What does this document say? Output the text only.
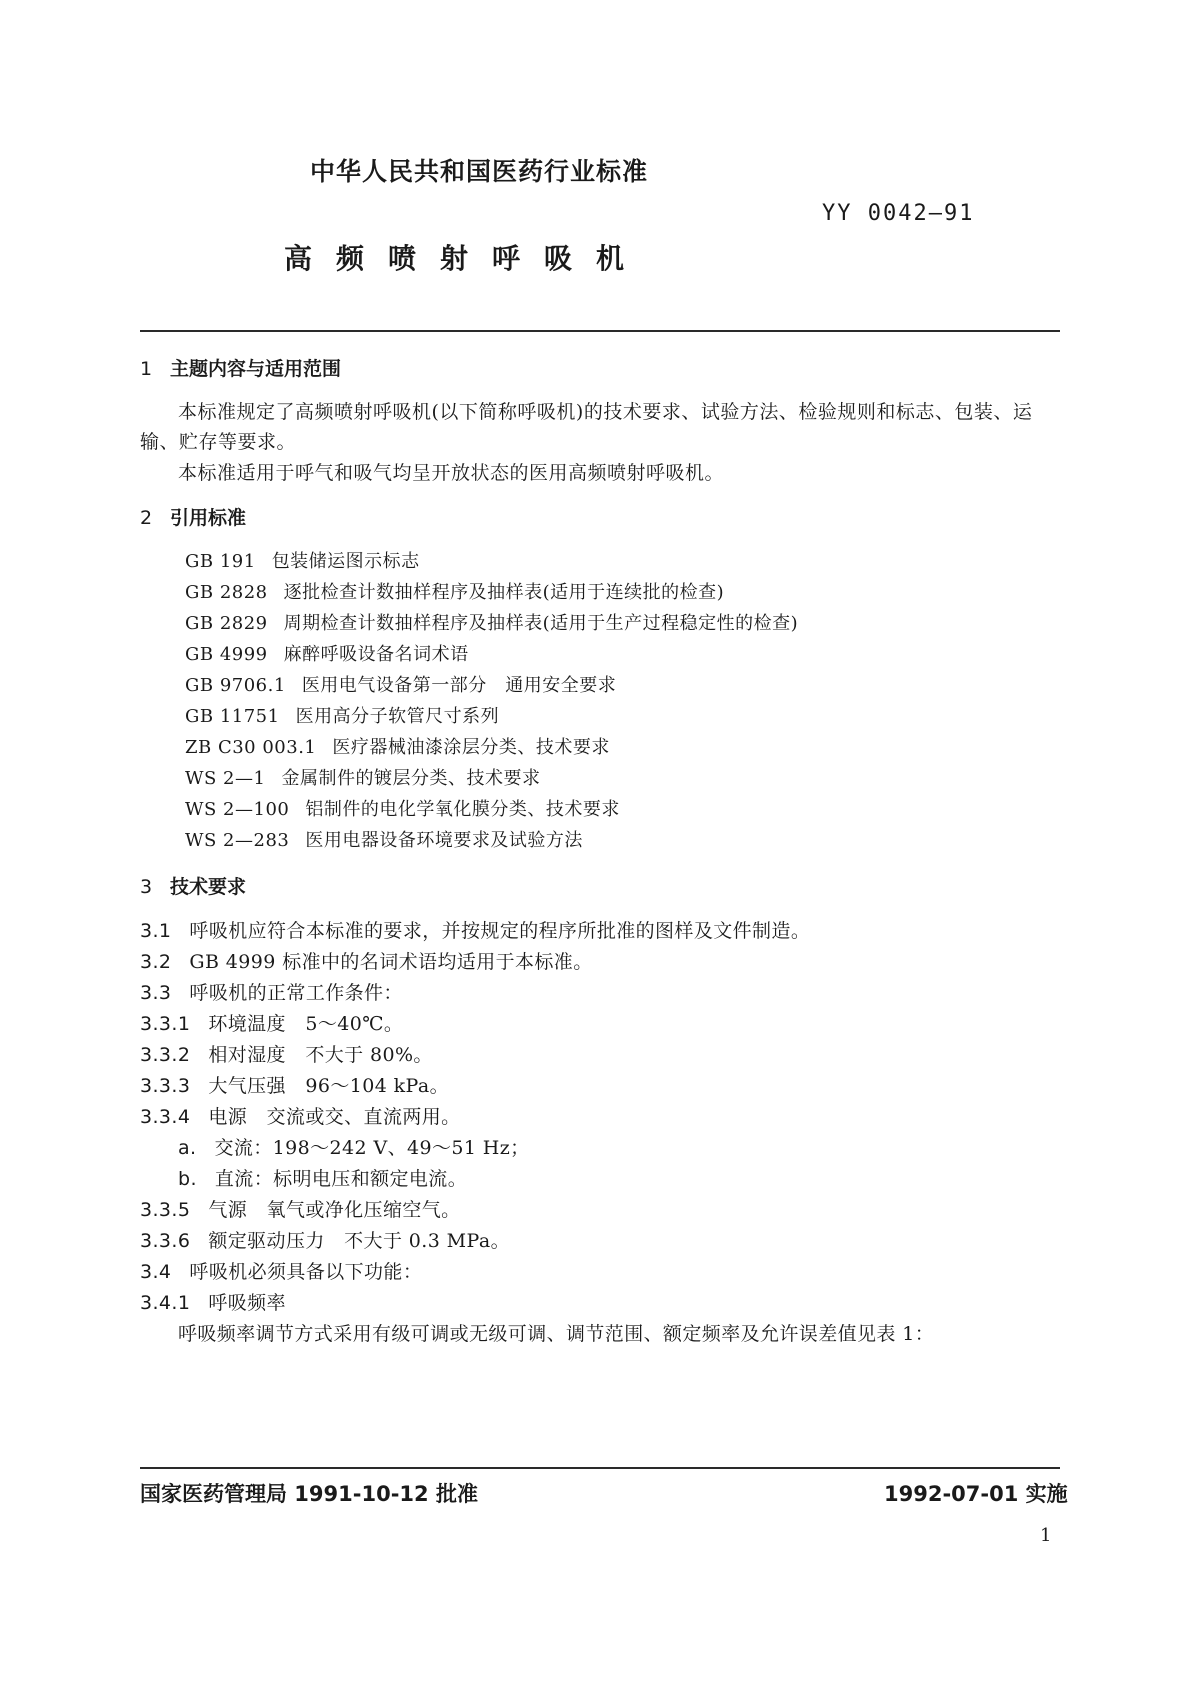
中华人民共和国医药行业标准
YY 0042—91
高频喷射呼吸机
1 主题内容与适用范围
本标准规定了高频喷射呼吸机(以下简称呼吸机)的技术要求、试验方法、检验规则和标志、包装、运输、贮存等要求。
本标准适用于呼气和吸气均呈开放状态的医用高频喷射呼吸机。
2 引用标准
GB 191 包装储运图示标志
GB 2828 逐批检查计数抽样程序及抽样表(适用于连续批的检查)
GB 2829 周期检查计数抽样程序及抽样表(适用于生产过程稳定性的检查)
GB 4999 麻醉呼吸设备名词术语
GB 9706.1 医用电气设备第一部分　通用安全要求
GB 11751 医用高分子软管尺寸系列
ZB C30 003.1 医疗器械油漆涂层分类、技术要求
WS 2—1 金属制件的镀层分类、技术要求
WS 2—100 铝制件的电化学氧化膜分类、技术要求
WS 2—283 医用电器设备环境要求及试验方法
3 技术要求
3.1 呼吸机应符合本标准的要求，并按规定的程序所批准的图样及文件制造。
3.2 GB 4999 标准中的名词术语均适用于本标准。
3.3 呼吸机的正常工作条件：
3.3.1 环境温度　5～40℃。
3.3.2 相对湿度　不大于 80%。
3.3.3 大气压强　96～104 kPa。
3.3.4 电源　交流或交、直流两用。
a. 交流：198～242 V、49～51 Hz；
b. 直流：标明电压和额定电流。
3.3.5 气源　氧气或净化压缩空气。
3.3.6 额定驱动压力　不大于 0.3 MPa。
3.4 呼吸机必须具备以下功能：
3.4.1 呼吸频率
呼吸频率调节方式采用有级可调或无级可调、调节范围、额定频率及允许误差值见表 1：
国家医药管理局 1991-10-12 批准	1992-07-01 实施
1
